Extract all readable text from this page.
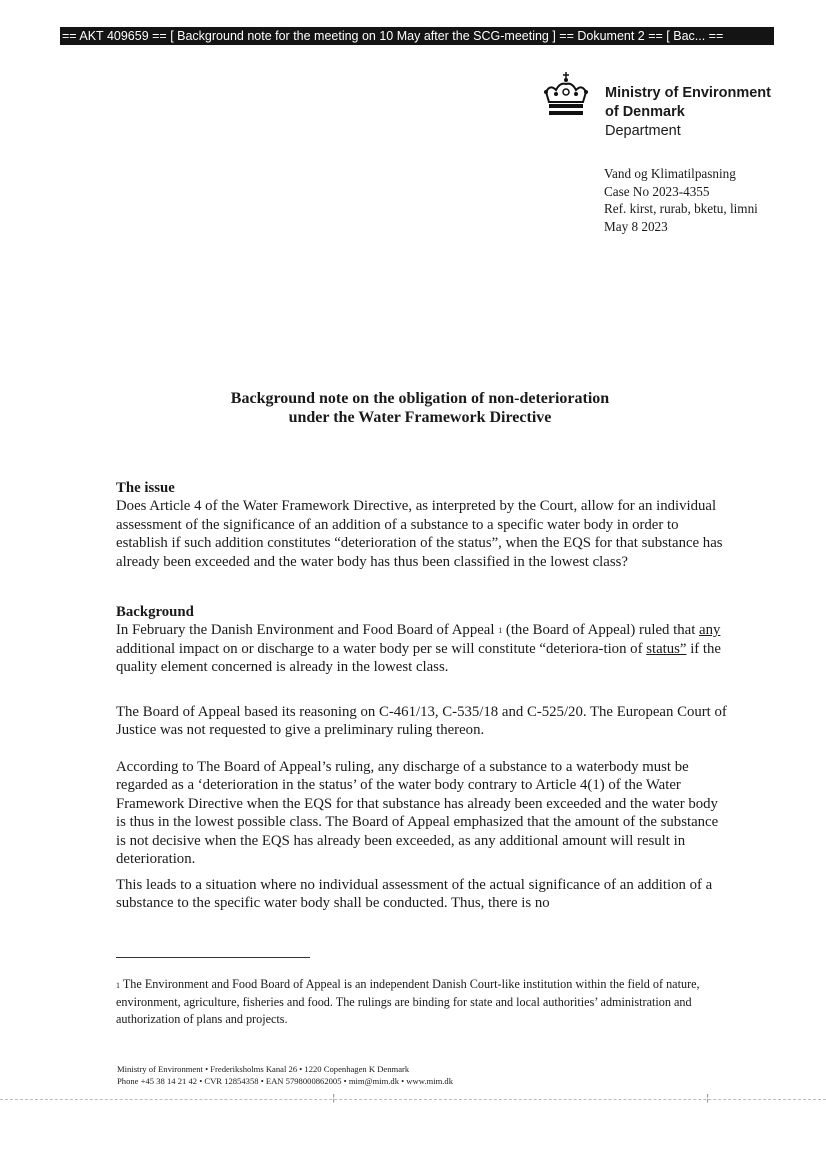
== AKT 409659 == [ Background note for the meeting on 10 May after the SCG-meeting ] == Dokument 2 == [ Bac... ==
Ministry of Environment
of Denmark
Department
Vand og Klimatilpasning
Case No 2023-4355
Ref. kirst, rurab, bketu, limni
May 8 2023
Background note on the obligation of non-deterioration
under the Water Framework Directive
The issue
Does Article 4 of the Water Framework Directive, as interpreted by the Court, allow for an individual assessment of the significance of an addition of a substance to a specific water body in order to establish if such addition constitutes “deterioration of the status”, when the EQS for that substance has already been exceeded and the water body has thus been classified in the lowest class?
Background
In February the Danish Environment and Food Board of Appeal $^1$ (the Board of Appeal) ruled that any additional impact on or discharge to a water body per se will constitute “deteriora-tion of status” if the quality element concerned is already in the lowest class.
The Board of Appeal based its reasoning on C-461/13, C-535/18 and C-525/20. The European Court of Justice was not requested to give a preliminary ruling thereon.
According to The Board of Appeal’s ruling, any discharge of a substance to a waterbody must be regarded as a ‘deterioration in the status’ of the water body contrary to Article 4(1) of the Water Framework Directive when the EQS for that substance has already been exceeded and the water body is thus in the lowest possible class. The Board of Appeal emphasized that the amount of the substance is not decisive when the EQS has already been exceeded, as any additional amount will result in deterioration.
This leads to a situation where no individual assessment of the actual significance of an addition of a substance to the specific water body shall be conducted. Thus, there is no
$^1$ The Environment and Food Board of Appeal is an independent Danish Court-like institution within the field of nature, environment, agriculture, fisheries and food. The rulings are binding for state and local authorities’ administration and authorization of plans and projects.
Ministry of Environment • Frederiksholms Kanal 26 • 1220 Copenhagen K Denmark
Phone +45 38 14 21 42 • CVR 12854358 • EAN 5798000862005 • mim@mim.dk • www.mim.dk
¦	¦
